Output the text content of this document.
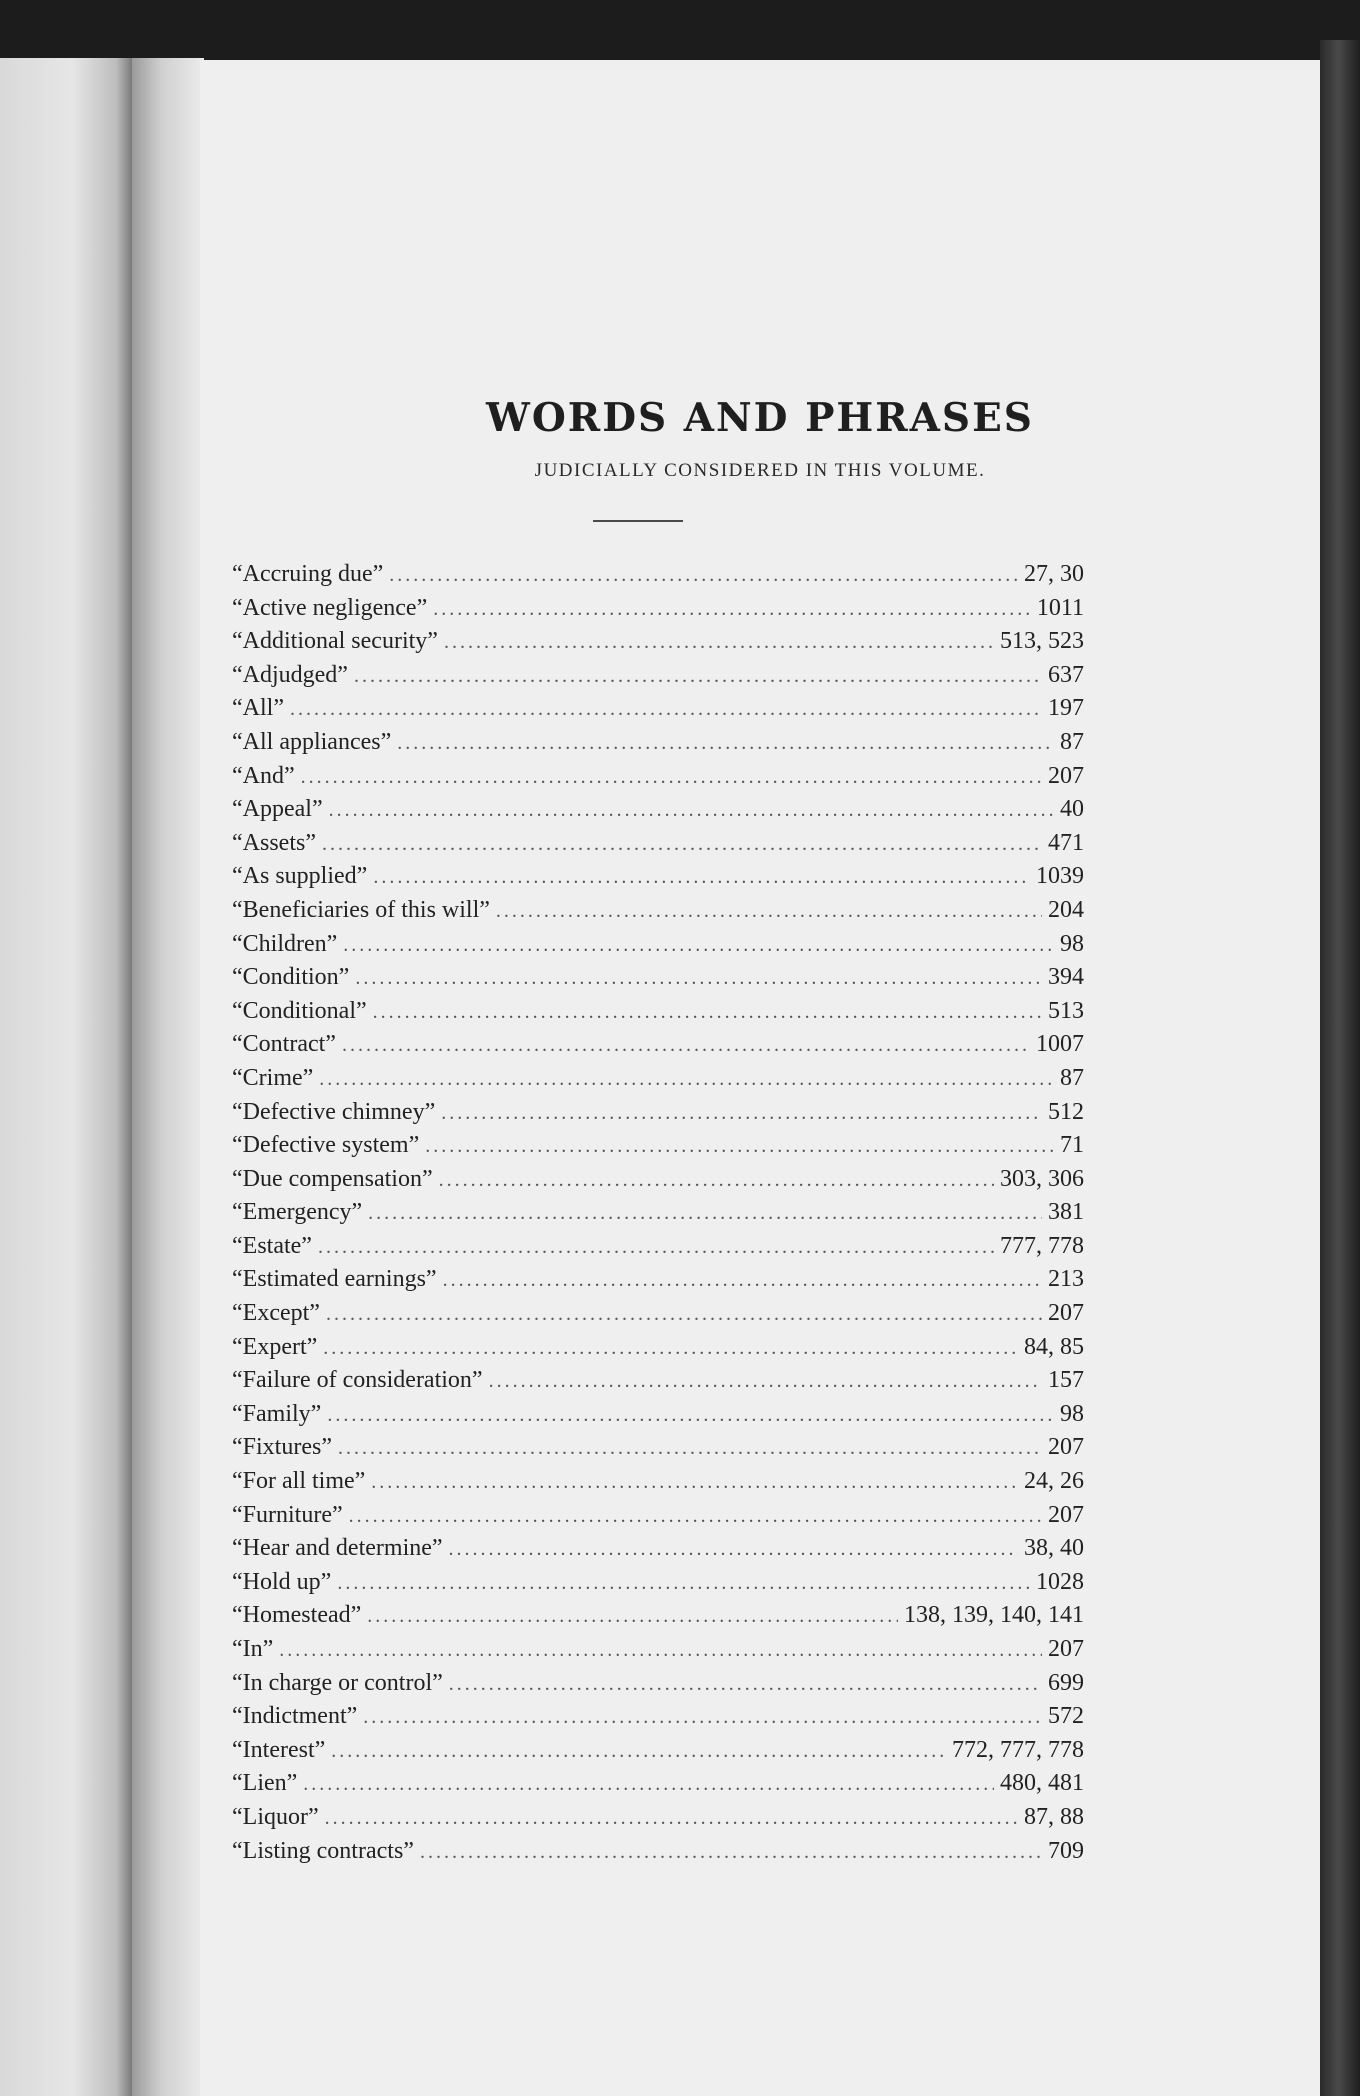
WORDS AND PHRASES

JUDICIALLY CONSIDERED IN THIS VOLUME.

“Accruing due” .....	27, 30
“Active negligence” .....	1011
“Additional security” .....	513, 523
“Adjudged” .....	637
“All” .....	197
“All appliances” .....	87
“And” .....	207
“Appeal” .....	40
“Assets” .....	471
“As supplied” .....	1039
“Beneficiaries of this will” .....	204
“Children” .....	98
“Condition” .....	394
“Conditional” .....	513
“Contract” .....	1007
“Crime” .....	87
“Defective chimney” .....	512
“Defective system” .....	71
“Due compensation” .....	303, 306
“Emergency” .....	381
“Estate” .....	777, 778
“Estimated earnings” .....	213
“Except” .....	207
“Expert” .....	84, 85
“Failure of consideration” .....	157
“Family” .....	98
“Fixtures” .....	207
“For all time” .....	24, 26
“Furniture” .....	207
“Hear and determine” .....	38, 40
“Hold up” .....	1028
“Homestead” .....	138, 139, 140, 141
“In” .....	207
“In charge or control” .....	699
“Indictment” .....	572
“Interest” .....	772, 777, 778
“Lien” .....	480, 481
“Liquor” .....	87, 88
“Listing contracts” .....	709
